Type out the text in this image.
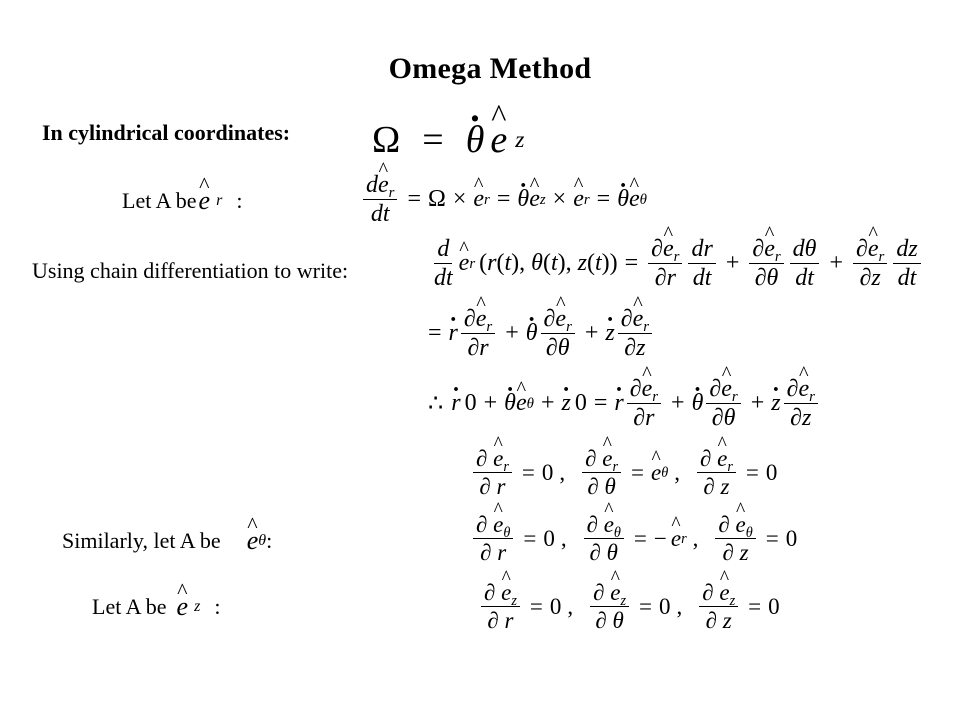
Omega Method
In cylindrical coordinates: Ω = · θ ^ e z
Let A be ^ e r :	$\frac{d\^{} e_r}{dt} = \Omega$ × ^ e r = · θ ^ e z × ^ e r = · θ ^ e θ
Using chain differentiation to write:	$\frac{d}{dt}$ ^ e r (r(t), θ(t), $z(t)) = \frac{\partial\^{} e_r}{\partial r} \frac{dr}{dt} + \frac{\partial\^{} e_r}{\partial\theta} \frac{d\theta}{dt} + \frac{\partial\^{} e_r}{\partial z} \frac{dz}{dt}$
= · r $\frac{\partial\^{} e_r}{\partial r}$ + · θ $\frac{\partial\^{} e_r}{\partial\theta}$ + · z $\frac{\partial\^{} e_r}{\partial z}$
∴ · r 0 + · θ ^ e θ + · z 0 = · r $\frac{\partial\^{} e_r}{\partial r}$ + · θ $\frac{\partial\^{} e_r}{\partial\theta}$ + · z $\frac{\partial\^{} e_r}{\partial z}$
$\frac{\partial \^{} e_r}{\partial r} = 0$ , $\frac{\partial \^{} e_r}{\partial \theta}$ = ^ e θ , $\frac{\partial \^{} e_r}{\partial z} = 0$
Similarly, let A be ^ e θ :	$\frac{\partial \^{} e_\theta}{\partial r} = 0$ , $\frac{\partial \^{} e_\theta}{\partial \theta}$ = − ^ e r , $\frac{\partial \^{} e_\theta}{\partial z} = 0$
Let A be ^ e z :	$\frac{\partial \^{} e_z}{\partial r} = 0$ , $\frac{\partial \^{} e_z}{\partial \theta} = 0$ , $\frac{\partial \^{} e_z}{\partial z} = 0$
